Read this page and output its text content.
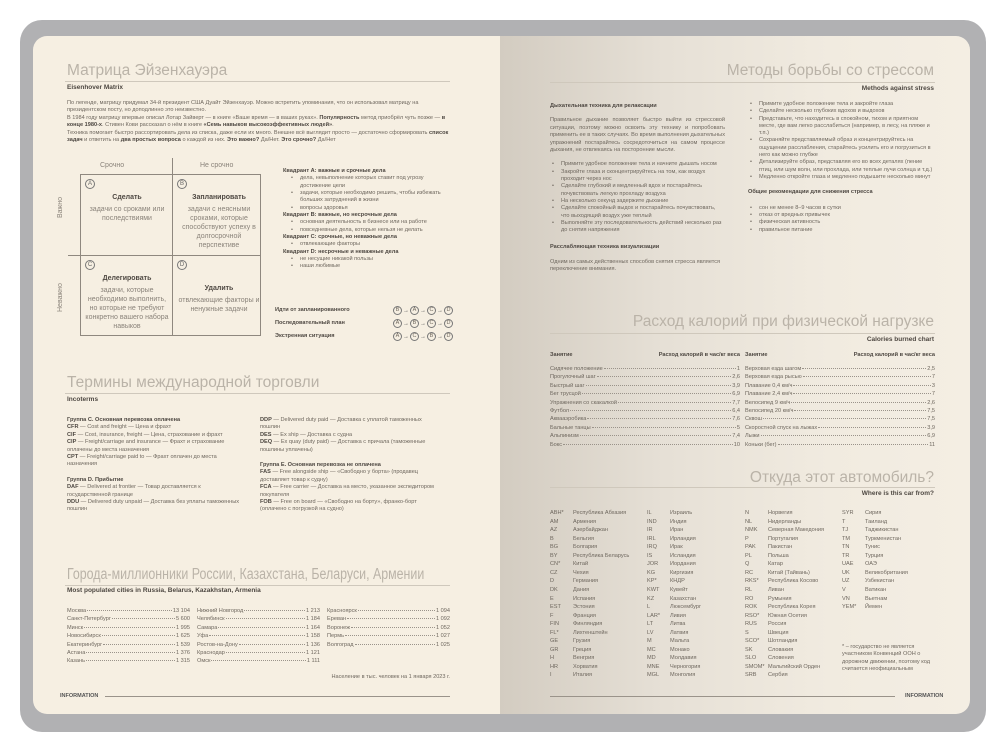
Матрица Эйзенхауэра
Eisenhover Matrix
По легенде, матрицу придумал 34-й президент США Дуайт Эйзенхауэр. Можно встретить упоминания, что он использовал матрицу на президентском посту, но доподлинно это неизвестно.
В 1984 году матрицу впервые описал Лотар Зайверт — в книге «Ваше время — в ваших руках». Популярность метод приобрёл чуть позже — в конце 1980-х. Стивен Кови рассказал о нём в книге «Семь навыков высокоэффективных людей».
Техника помогает быстро рассортировать дела из списка, даже если их много. Внешне всё выглядит просто — достаточно сформировать список задач и ответить на два простых вопроса о каждой из них. Это важно? Да/Нет. Это срочно? Да/Нет
Срочно	Не срочно
Важно
Неважно
A
Сделать
задачи со сроками или последствиями
B
Запланировать
задачи с неясными сроками, которые способствуют успеху в долгосрочной перспективе
C
Делегировать
задачи, которые необходимо выполнить, но которые не требуют конкретно вашего набора навыков
D
Удалить
отвлекающие факторы и ненужные задачи
Квадрант A: важные и срочные дела
• дела, невыполнение которых ставит под угрозу достижение цели
• задачи, которые необходимо решить, чтобы избежать больших затруднений в жизни
• вопросы здоровья
Квадрант B: важные, но несрочные дела
• основная деятельность в бизнесе или на работе
• повседневные дела, которые нельзя не делать
Квадрант C: срочные, но неважные дела
• отвлекающие факторы
Квадрант D: несрочные и неважные дела
• не несущие никакой пользы
• наши любимые
Идти от запланированного	B → A → C → D
Последовательный план	A → B → C → D
Экстренная ситуация	A → C → B → D
Термины международной торговли
Incoterms
Группа C. Основная перевозка оплачена
CFR — Cost and freight — Цена и фрахт
CIF — Cost, insurance, freight — Цена, страхование и фрахт
CIP — Freight/carriage and insurance — Фрахт и страхование оплачены до места назначения
CPT — Freight/carriage paid to — Фрахт оплачен до места назначения
Группа D. Прибытие
DAF — Delivered at frontier — Товар доставляется к государственной границе
DDU — Delivered duty unpaid — Доставка без уплаты таможенных пошлин
DDP — Delivered duty paid — Доставка с уплатой таможенных пошлин
DES — Ex ship — Доставка с судна
DEQ — Ex quay (duty paid) — Доставка с причала (таможенные пошлины уплачены)
Группа E. Основная перевозка не оплачена
FAS — Free alongside ship — «Свободно у борта» (продавец доставляет товар к судну)
FCA — Free carrier — Доставка на место, указанное экспедитором покупателя
FOB — Free on board — «Свободно на борту», франко-борт (оплачено с погрузкой на судно)
Города-миллионники России, Казахстана, Беларуси, Армении
Most populated cities in Russia, Belarus, Kazakhstan, Armenia
Москва	13 104
Санкт-Петербург	5 600
Минск	1 995
Новосибирск	1 625
Екатеринбург	1 539
Астана	1 376
Казань	1 315
Нижний Новгород	1 213
Челябинск	1 184
Самара	1 164
Уфа	1 158
Ростов-на-Дону	1 136
Краснодар	1 121
Омск	1 111
Красноярск	1 094
Ереван	1 092
Воронеж	1 052
Пермь	1 027
Волгоград	1 025
Население в тыс. человек на 1 января 2023 г.
INFORMATION
Методы борьбы со стрессом
Methods against stress
Дыхательная техника для релаксации
Правильное дыхание позволяет быстро выйти из стрессовой ситуации, поэтому можно освоить эту технику и попробовать применить ее в таких случаях. Во время выполнения дыхательных упражнений постарайтесь сосредоточиться на самом процессе дыхания, не отвлекаясь на посторонние мысли.
• Примите удобное положение тела и начните дышать носом
• Закройте глаза и сконцентрируйтесь на том, как воздух проходит через нос
• Сделайте глубокий и медленный вдох и постарайтесь почувствовать легкую прохладу воздуха
• На несколько секунд задержите дыхание
• Сделайте спокойный выдох и постарайтесь почувствовать, что выходящий воздух уже теплый
• Выполняйте эту последовательность действий несколько раз до снятия напряжения
Расслабляющая техника визуализации
Одним из самых действенных способов снятия стресса является переключение внимания.
• Примите удобное положение тела и закройте глаза
• Сделайте несколько глубоких вдохов и выдохов
• Представьте, что находитесь в спокойном, тихом и приятном месте, где вам легко расслабиться (например, в лесу, на пляже и т.п.)
• Сохраняйте представляемый образ и концентрируйтесь на ощущении расслабления, старайтесь усилить его и погрузиться в него как можно глубже
• Детализируйте образ, представляя его во всех деталях (пение птиц, или шум волн, или прохлада, или теплые лучи солнца и т.д.)
• Медленно откройте глаза и медленно подышите несколько минут
Общие рекомендации для снижения стресса
• сон не менее 8–9 часов в сутки
• отказ от вредных привычек
• физическая активность
• правильное питание
Расход калорий при физической нагрузке
Calories burned chart
Занятие	Расход калорий в час/кг веса Занятие	Расход калорий в час/кг веса
Сидячее положение	1
Прогулочный шаг	2,6
Быстрый шаг	3,9
Бег трусцой	6,9
Упражнения со скакалкой	7,7
Футбол	6,4
Аквааэробика	7,6
Бальные танцы	5
Альпинизм	7,4
Бокс	10
Верховая езда шагом	2,5
Верховая езда рысью	7
Плавание 0,4 км/ч	3
Плавание 2,4 км/ч	7
Велосипед 9 км/ч	2,6
Велосипед 20 км/ч	7,5
Сквош	7,5
Скоростной спуск на лыжах	3,9
Лыжи	6,9
Коньки (бег)	11
Откуда этот автомобиль?
Where is this car from?
ABH* Республика Абхазия
AM	Армения
AZ	Азербайджан
B	Бельгия
BG	Болгария
BY	Республика Беларусь
CN* Китай
CZ	Чехия
D	Германия
DK	Дания
E	Испания
EST Эстония
F	Франция
FIN Финляндия
FL*	Лихтенштейн
GE	Грузия
GR	Греция
H	Венгрия
HR	Хорватия
I	Италия
IL	Израиль
IND Индия
IR	Иран
IRL	Ирландия
IRQ Ирак
IS	Исландия
JOR Иордания
KG	Киргизия
KP* КНДР
KWT Кувейт
KZ	Казахстан
L	Люксембург
LAR* Ливия
LT	Литва
LV	Латвия
M	Мальта
MC	Монако
MD	Молдавия
MNE Черногория
MGL Монголия
N	Норвегия
NL	Нидерланды
NMK Северная Македония
P	Португалия
PAK Пакистан
PL	Польша
Q	Катар
RC	Китай (Тайвань)
RKS* Республика Косово
RL	Ливан
RO	Румыния
ROK Республика Корея
RSO* Южная Осетия
RUS Россия
S	Швеция
SCO* Шотландия
SK	Словакия
SLO Словения
SMOM* Мальтийский Орден
SRB Сербия
SYR Сирия
T	Таиланд
TJ	Таджикистан
TM	Туркменистан
TN	Тунис
TR	Турция
UAE ОАЭ
UK	Великобритания
UZ	Узбекистан
V	Ватикан
VN	Вьетнам
YEM* Йемен
* – государство не является участником Конвенций ООН о дорожном движении, поэтому код считается неофициальным
INFORMATION
